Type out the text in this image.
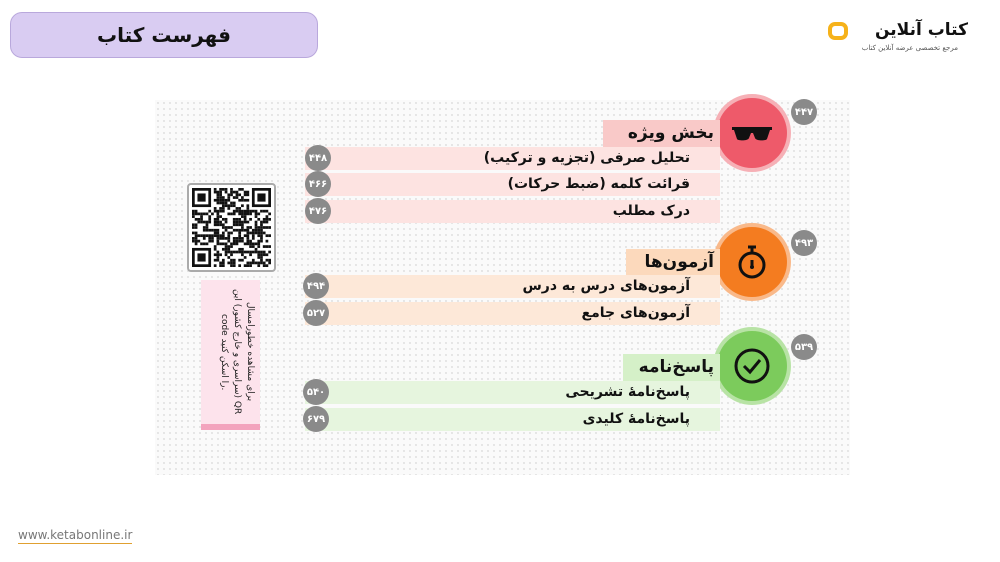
فهرست کتاب	کتاب آنلاین
مرجع تخصصی عرضه آنلاین کتاب
برای مشاهده خطورامسال (سراسری و خارج کشور) این QR code را اسکن کنید.
۴۴۷
بخش ویژه
تحلیل صرفی (تجزیه و ترکیب)
قرائت کلمه (ضبط حرکات)
درک مطلب
۴۴۸
۴۶۶
۴۷۶
۴۹۳
آزمون‌ها
آزمون‌های درس به درس
آزمون‌های جامع
۴۹۴
۵۲۷
۵۳۹
پاسخ‌نامه
پاسخ‌نامهٔ تشریحی
پاسخ‌نامهٔ کلیدی
۵۴۰
۶۷۹
www.ketabonline.ir
